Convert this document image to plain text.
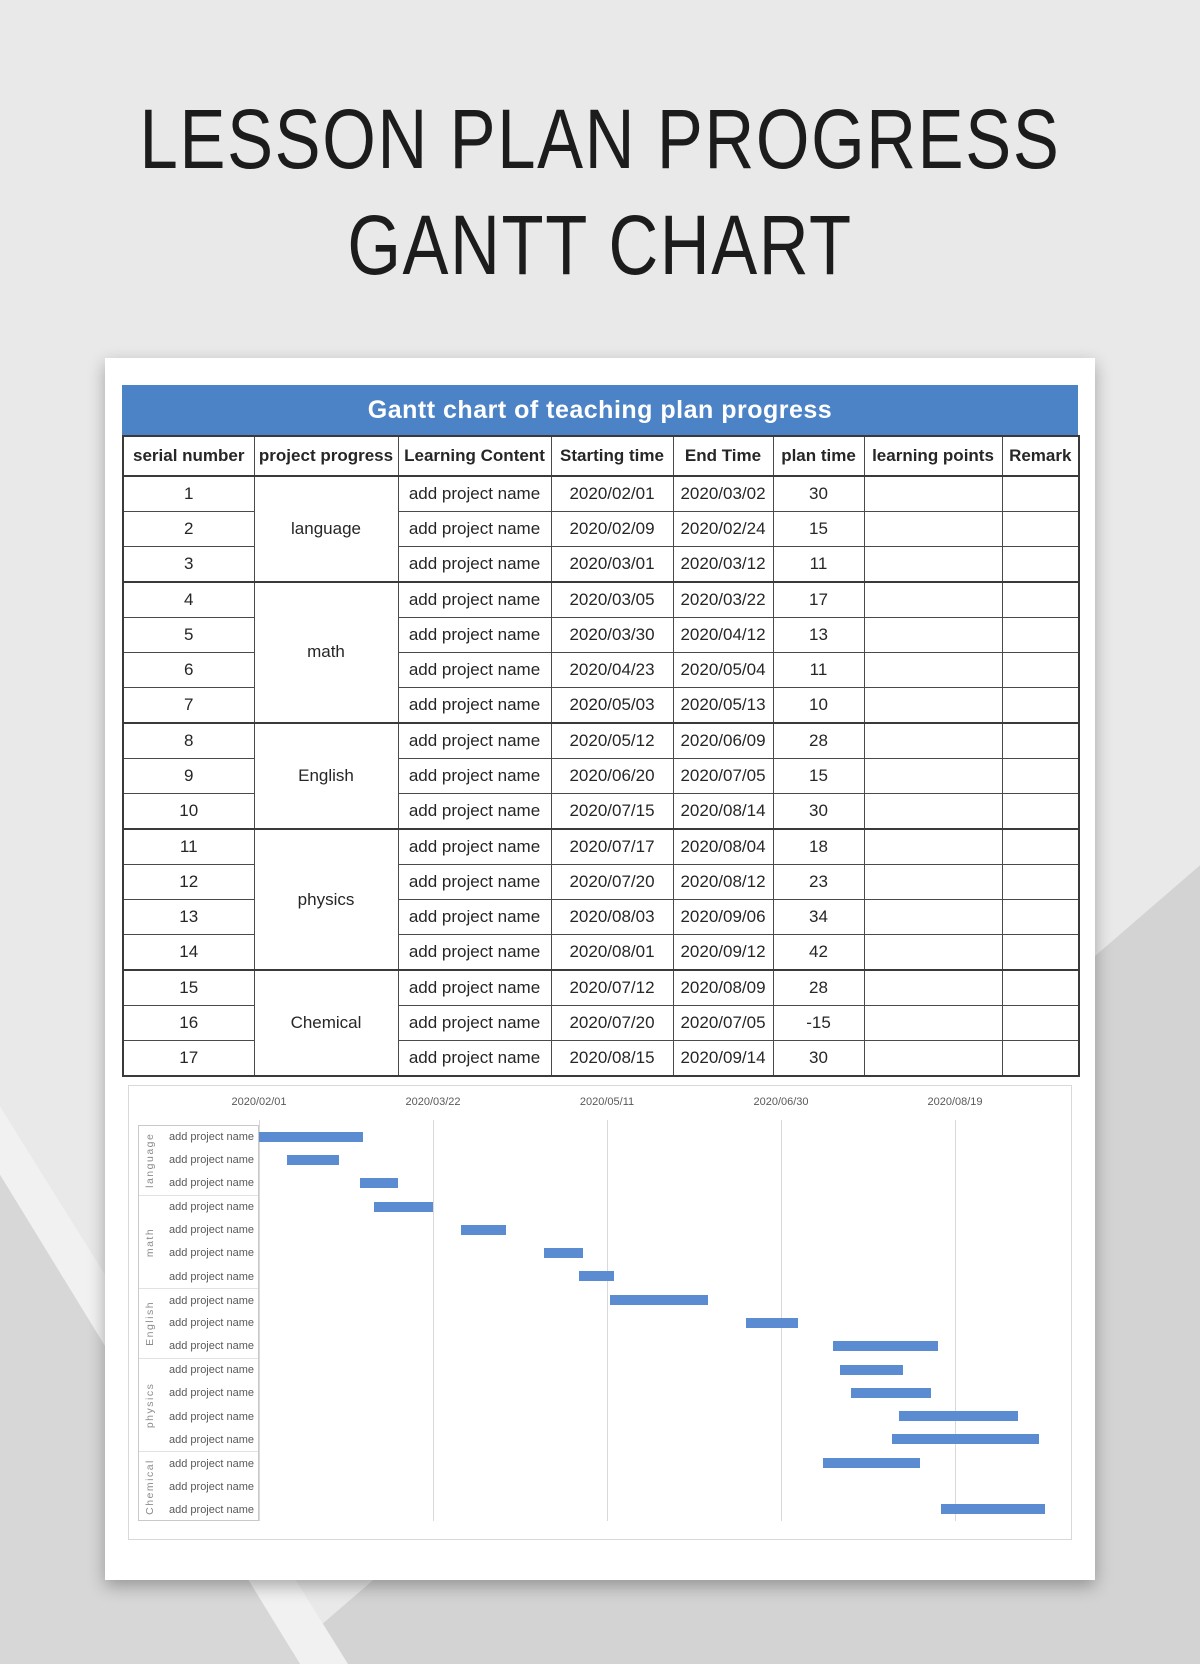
LESSON PLAN PROGRESS
GANTT CHART
Gantt chart of teaching plan progress
serial number	project progress	Learning Content	Starting time	End Time	plan time	learning points	Remark
1	language	add project name	2020/02/01	2020/03/02	30		
2		add project name	2020/02/09	2020/02/24	15		
3		add project name	2020/03/01	2020/03/12	11		
4	math	add project name	2020/03/05	2020/03/22	17		
5		add project name	2020/03/30	2020/04/12	13		
6		add project name	2020/04/23	2020/05/04	11		
7		add project name	2020/05/03	2020/05/13	10		
8	English	add project name	2020/05/12	2020/06/09	28		
9		add project name	2020/06/20	2020/07/05	15		
10		add project name	2020/07/15	2020/08/14	30		
11	physics	add project name	2020/07/17	2020/08/04	18		
12		add project name	2020/07/20	2020/08/12	23		
13		add project name	2020/08/03	2020/09/06	34		
14		add project name	2020/08/01	2020/09/12	42		
15	Chemical	add project name	2020/07/12	2020/08/09	28		
16		add project name	2020/07/20	2020/07/05	-15		
17		add project name	2020/08/15	2020/09/14	30		
language	add project name
add project name
add project name
math
add project name
add project name
add project name
add project name
English
add project name
add project name
add project name
physics
add project name
add project name
add project name
add project name
Chemical	add project name
add project name
add project name
2020/02/01	2020/03/22	2020/05/11	2020/06/30	2020/08/19
